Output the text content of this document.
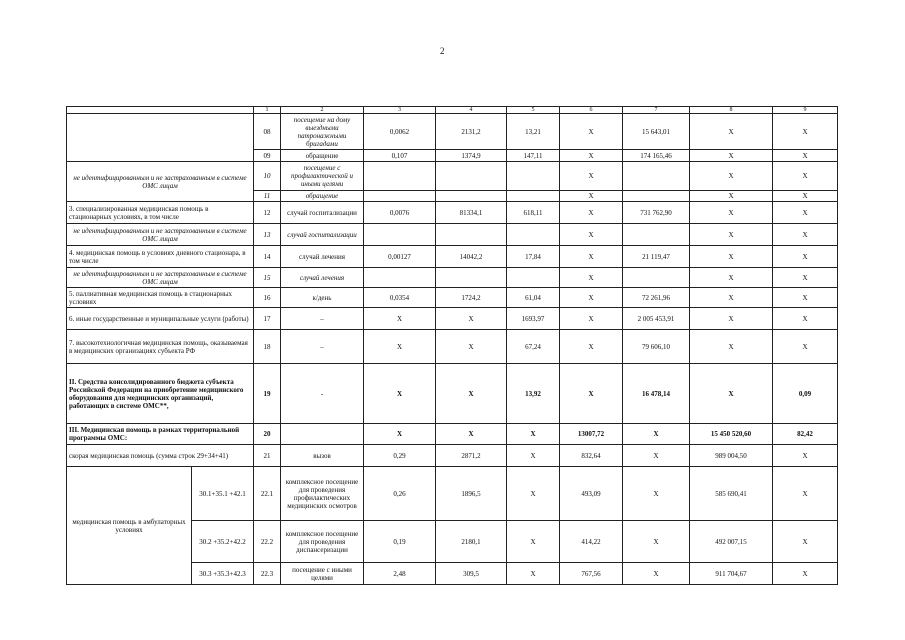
2
		1	2	3	4	5	6	7	8	9
		08	посещение на дому выездными патронажными бригадами	0,0062	2131,2	13,21	Х	15 643,01	Х	Х
		09	обращение	0,107	1374,9	147,11	Х	174 165,46	Х	Х
не идентифицированным и не застрахованным в системе ОМС лицам		10	посещение с профилактической и иными целями				Х		Х	Х
		11	обращение				Х		Х	Х
3. специализированная медицинская помощь в стационарных условиях, в том числе		12	случай госпитализации	0,0076	81334,1	618,11	Х	731 762,90	Х	Х
не идентифицированным и не застрахованным в системе ОМС лицам		13	случай госпитализации				Х		Х	Х
4. медицинская помощь в условиях дневного стационара, в том числе		14	случай лечения	0,00127	14042,2	17,84	Х	21 119,47	Х	Х
не идентифицированным и не застрахованным в системе ОМС лицам		15	случай лечения				Х		Х	Х
5. паллиативная медицинская помощь в стационарных условиях		16	к/день	0,0354	1724,2	61,04	Х	72 261,96	Х	Х
6. иные государственные и муниципальные услуги (работы)		17	–	Х	Х	1693,97	Х	2 005 453,91	Х	Х
7. высокотехнологичная медицинская помощь, оказываемая в медицинских организациях субъекта РФ		18	–	Х	Х	67,24	Х	79 606,10	Х	Х
II. Средства консолидированного бюджета субъекта Российской Федерации на приобретение медицинского оборудования для медицинских организаций, работающих в системе ОМС**,		19	-	Х	Х	13,92	Х	16 478,14	Х	0,09
III. Медицинская помощь в рамках территориальной программы ОМС:		20		Х	Х	Х	13007,72	Х	15 450 520,60	82,42
скорая медицинская помощь (сумма строк 29+34+41)		21	вызов	0,29	2871,2	Х	832,64	Х	989 004,50	Х
медицинская помощь в амбулаторных условиях	30.1+35.1 +42.1	22.1	комплексное посещение для проведения профилактических медицинских осмотров	0,26	1896,5	Х	493,09	Х	585 690,41	Х
	30.2 +35.2+42.2	22.2	комплексное посещение для проведения диспансеризации	0,19	2180,1	Х	414,22	Х	492 007,15	Х
	30.3 +35.3+42.3	22.3	посещение с иными целями	2,48	309,5	Х	767,56	Х	911 704,67	Х
